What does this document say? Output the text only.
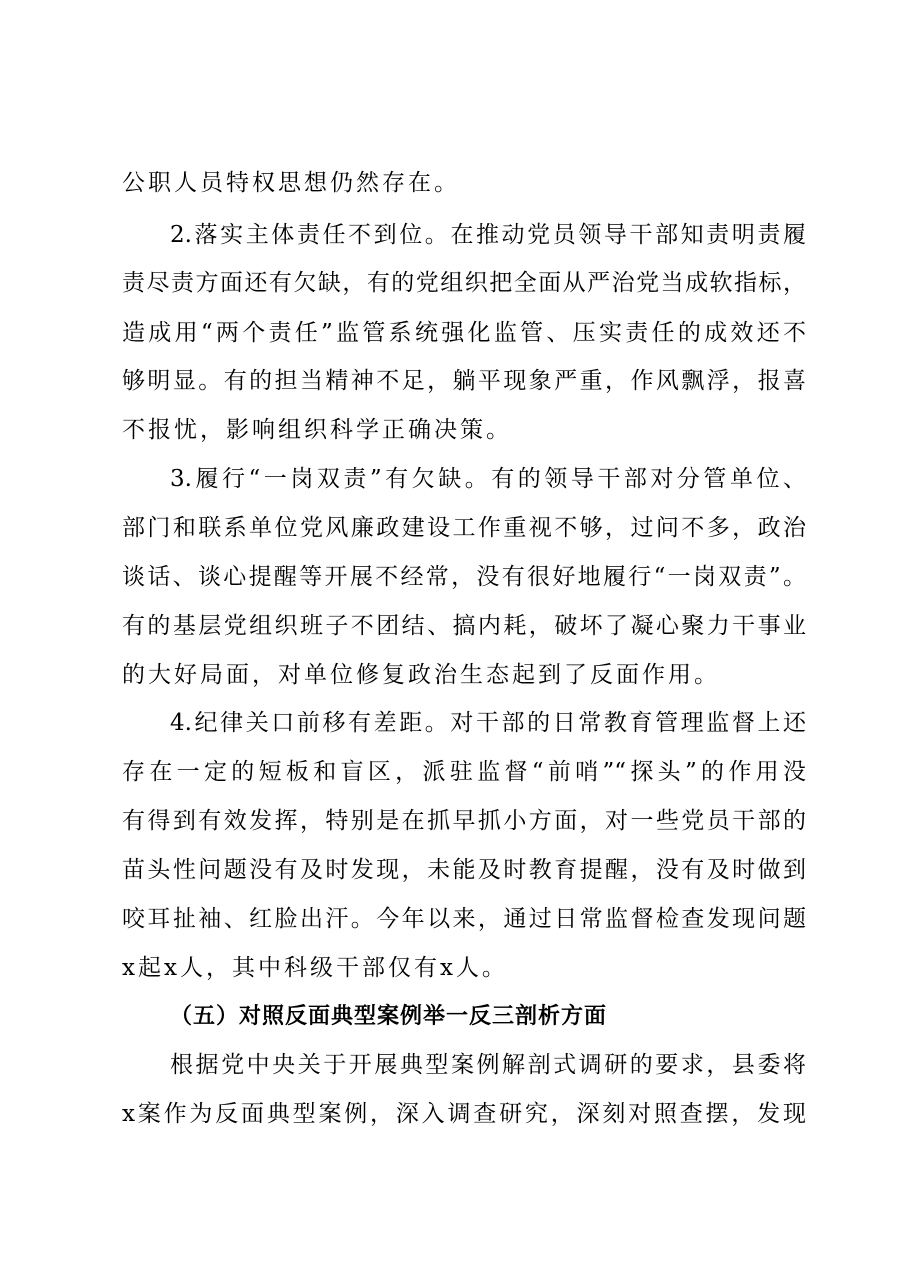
公职人员特权思想仍然存在。

2.落实主体责任不到位。在推动党员领导干部知责明责履

责尽责方面还有欠缺，有的党组织把全面从严治党当成软指标，

造成用“两个责任”监管系统强化监管、压实责任的成效还不

够明显。有的担当精神不足，躺平现象严重，作风飘浮，报喜

不报忧，影响组织科学正确决策。

3.履行“一岗双责”有欠缺。有的领导干部对分管单位、

部门和联系单位党风廉政建设工作重视不够，过问不多，政治

谈话、谈心提醒等开展不经常，没有很好地履行“一岗双责”。

有的基层党组织班子不团结、搞内耗，破坏了凝心聚力干事业

的大好局面，对单位修复政治生态起到了反面作用。

4.纪律关口前移有差距。对干部的日常教育管理监督上还

存在一定的短板和盲区，派驻监督“前哨”“探头”的作用没

有得到有效发挥，特别是在抓早抓小方面，对一些党员干部的

苗头性问题没有及时发现，未能及时教育提醒，没有及时做到

咬耳扯袖、红脸出汗。今年以来，通过日常监督检查发现问题

x起x人，其中科级干部仅有x人。

（五）对照反面典型案例举一反三剖析方面

根据党中央关于开展典型案例解剖式调研的要求，县委将

x案作为反面典型案例，深入调查研究，深刻对照查摆，发现
